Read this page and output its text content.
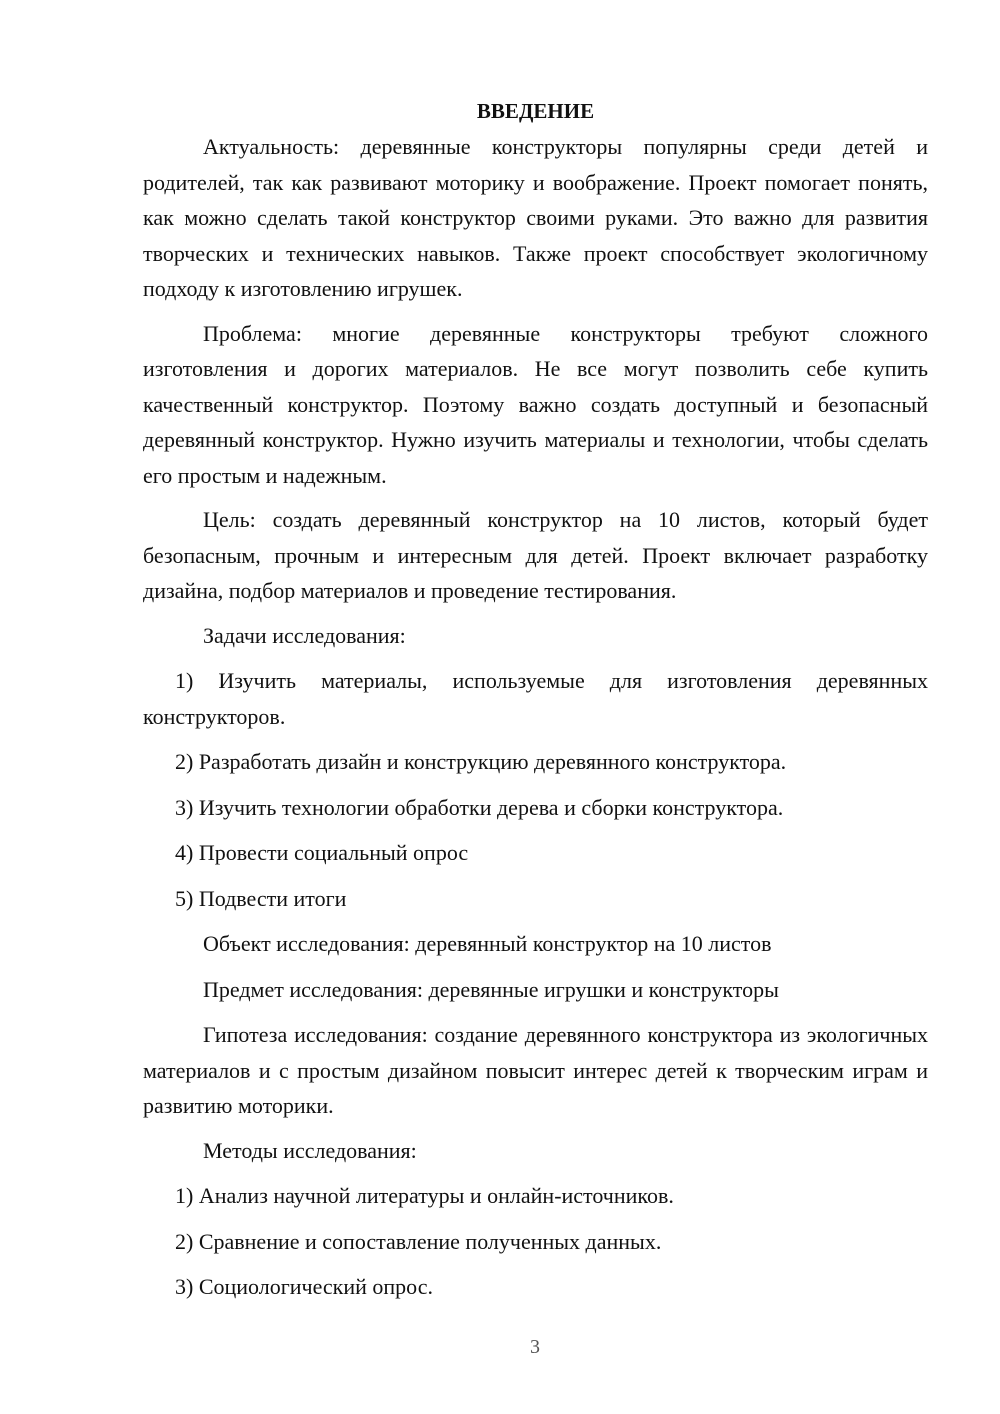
ВВЕДЕНИЕ

Актуальность: деревянные конструкторы популярны среди детей и родителей, так как развивают моторику и воображение. Проект помогает понять, как можно сделать такой конструктор своими руками. Это важно для развития творческих и технических навыков. Также проект способствует экологичному подходу к изготовлению игрушек.

Проблема: многие деревянные конструкторы требуют сложного изготовления и дорогих материалов. Не все могут позволить себе купить качественный конструктор. Поэтому важно создать доступный и безопасный деревянный конструктор. Нужно изучить материалы и технологии, чтобы сделать его простым и надежным.

Цель: создать деревянный конструктор на 10 листов, который будет безопасным, прочным и интересным для детей. Проект включает разработку дизайна, подбор материалов и проведение тестирования.

Задачи исследования:

1) Изучить материалы, используемые для изготовления деревянных конструкторов.

2) Разработать дизайн и конструкцию деревянного конструктора.
3) Изучить технологии обработки дерева и сборки конструктора.
4) Провести социальный опрос
5) Подвести итоги
Объект исследования: деревянный конструктор на 10 листов
Предмет исследования: деревянные игрушки и конструкторы

Гипотеза исследования: создание деревянного конструктора из экологичных материалов и с простым дизайном повысит интерес детей к творческим играм и развитию моторики.

Методы исследования:
1) Анализ научной литературы и онлайн-источников.
2) Сравнение и сопоставление полученных данных.
3) Социологический опрос.
3
